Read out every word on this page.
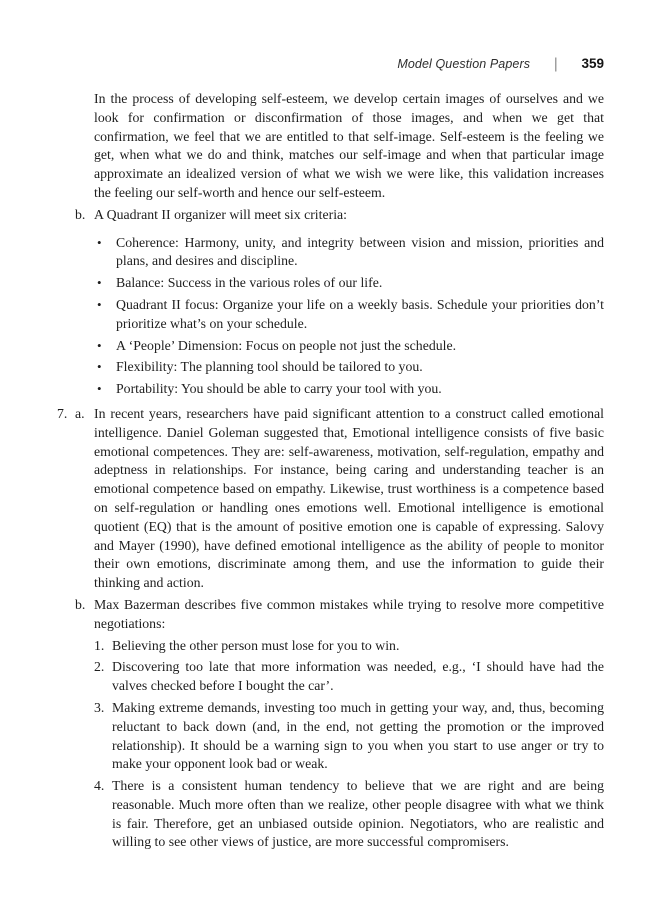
Model Question Papers | 359

In the process of developing self-esteem, we develop certain images of ourselves and we look for confirmation or disconfirmation of those images, and when we get that confirmation, we feel that we are entitled to that self-image. Self-esteem is the feeling we get, when what we do and think, matches our self-image and when that particular image approximate an idealized version of what we wish we were like, this validation increases the feeling our self-worth and hence our self-esteem.

b. A Quadrant II organizer will meet six criteria:

•	Coherence: Harmony, unity, and integrity between vision and mission, priorities and plans, and desires and discipline.
•	Balance: Success in the various roles of our life.
•	Quadrant II focus: Organize your life on a weekly basis. Schedule your priorities don’t prioritize what’s on your schedule.
•	A ‘People’ Dimension: Focus on people not just the schedule.
•	Flexibility: The planning tool should be tailored to you.
•	Portability: You should be able to carry your tool with you.
7. a. In recent years, researchers have paid significant attention to a construct called emotional intelligence. Daniel Goleman suggested that, Emotional intelligence consists of five basic emotional competences. They are: self-awareness, motivation, self-regulation, empathy and adeptness in relationships. For instance, being caring and understanding teacher is an emotional competence based on empathy. Likewise, trust worthiness is a competence based on self-regulation or handling ones emotions well. Emotional intelligence is emotional quotient (EQ) that is the amount of positive emotion one is capable of expressing. Salovy and Mayer (1990), have defined emotional intelligence as the ability of people to monitor their own emotions, discriminate among them, and use the information to guide their thinking and action.

b. Max Bazerman describes five common mistakes while trying to resolve more competitive negotiations:

1. Believing the other person must lose for you to win.
2. Discovering too late that more information was needed, e.g., ‘I should have had the valves checked before I bought the car’.
3. Making extreme demands, investing too much in getting your way, and, thus, becoming reluctant to back down (and, in the end, not getting the promotion or the improved relationship). It should be a warning sign to you when you start to use anger or try to make your opponent look bad or weak.
4. There is a consistent human tendency to believe that we are right and are being reasonable. Much more often than we realize, other people disagree with what we think is fair. Therefore, get an unbiased outside opinion. Negotiators, who are realistic and willing to see other views of justice, are more successful compromisers.
